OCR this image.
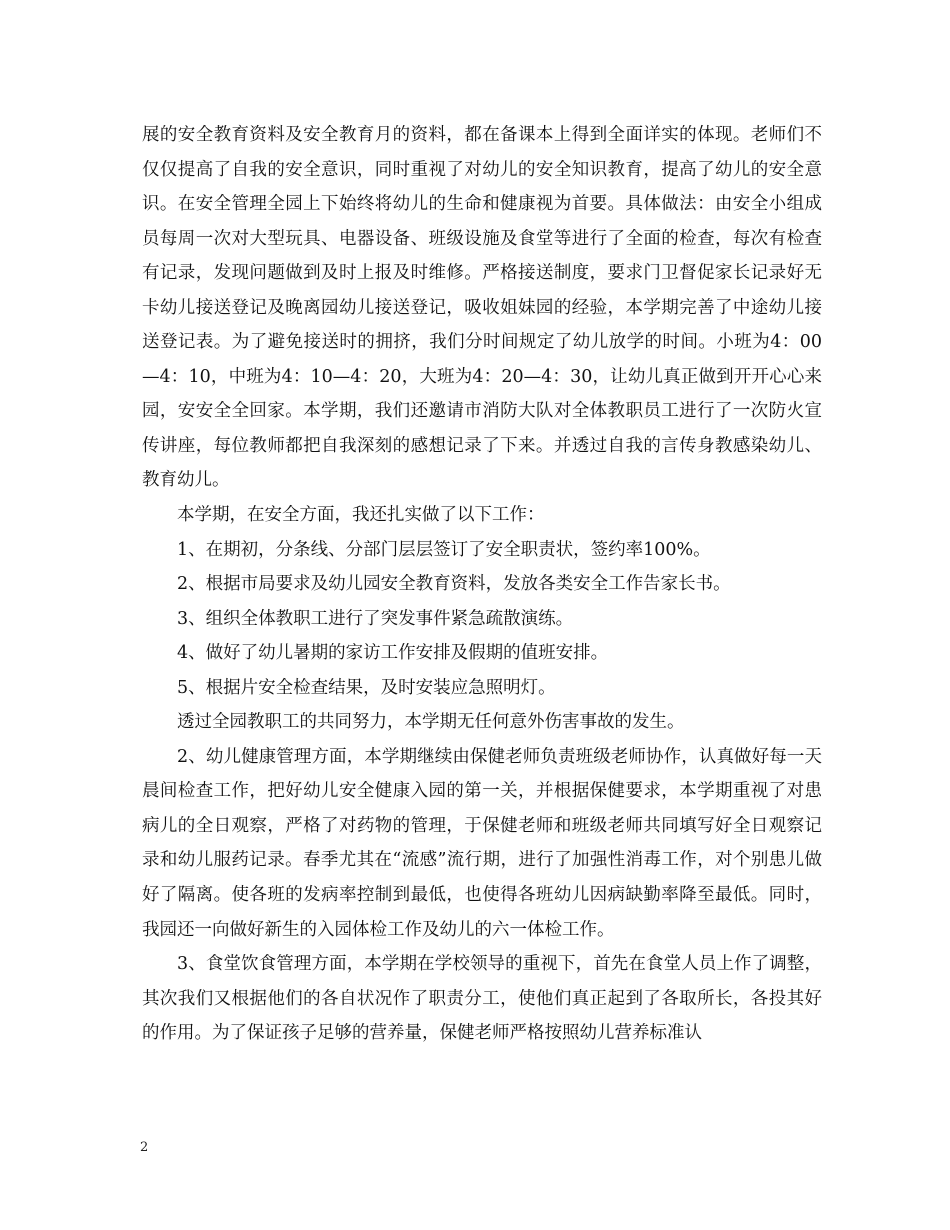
展的安全教育资料及安全教育月的资料，都在备课本上得到全面详实的体现。老师们不仅仅提高了自我的安全意识，同时重视了对幼儿的安全知识教育，提高了幼儿的安全意识。在安全管理全园上下始终将幼儿的生命和健康视为首要。具体做法：由安全小组成员每周一次对大型玩具、电器设备、班级设施及食堂等进行了全面的检查，每次有检查有记录，发现问题做到及时上报及时维修。严格接送制度，要求门卫督促家长记录好无卡幼儿接送登记及晚离园幼儿接送登记，吸收姐妹园的经验，本学期完善了中途幼儿接送登记表。为了避免接送时的拥挤，我们分时间规定了幼儿放学的时间。小班为4：00—4：10，中班为4：10—4：20，大班为4：20—4：30，让幼儿真正做到开开心心来园，安安全全回家。本学期，我们还邀请市消防大队对全体教职员工进行了一次防火宣传讲座，每位教师都把自我深刻的感想记录了下来。并透过自我的言传身教感染幼儿、教育幼儿。

本学期，在安全方面，我还扎实做了以下工作：

1、在期初，分条线、分部门层层签订了安全职责状，签约率100%。

2、根据市局要求及幼儿园安全教育资料，发放各类安全工作告家长书。

3、组织全体教职工进行了突发事件紧急疏散演练。

4、做好了幼儿暑期的家访工作安排及假期的值班安排。

5、根据片安全检查结果，及时安装应急照明灯。

透过全园教职工的共同努力，本学期无任何意外伤害事故的发生。

2、幼儿健康管理方面，本学期继续由保健老师负责班级老师协作，认真做好每一天晨间检查工作，把好幼儿安全健康入园的第一关，并根据保健要求，本学期重视了对患病儿的全日观察，严格了对药物的管理，于保健老师和班级老师共同填写好全日观察记录和幼儿服药记录。春季尤其在“流感”流行期，进行了加强性消毒工作，对个别患儿做好了隔离。使各班的发病率控制到最低，也使得各班幼儿因病缺勤率降至最低。同时，我园还一向做好新生的入园体检工作及幼儿的六一体检工作。

3、食堂饮食管理方面，本学期在学校领导的重视下，首先在食堂人员上作了调整，其次我们又根据他们的各自状况作了职责分工，使他们真正起到了各取所长，各投其好的作用。为了保证孩子足够的营养量，保健老师严格按照幼儿营养标准认

2
